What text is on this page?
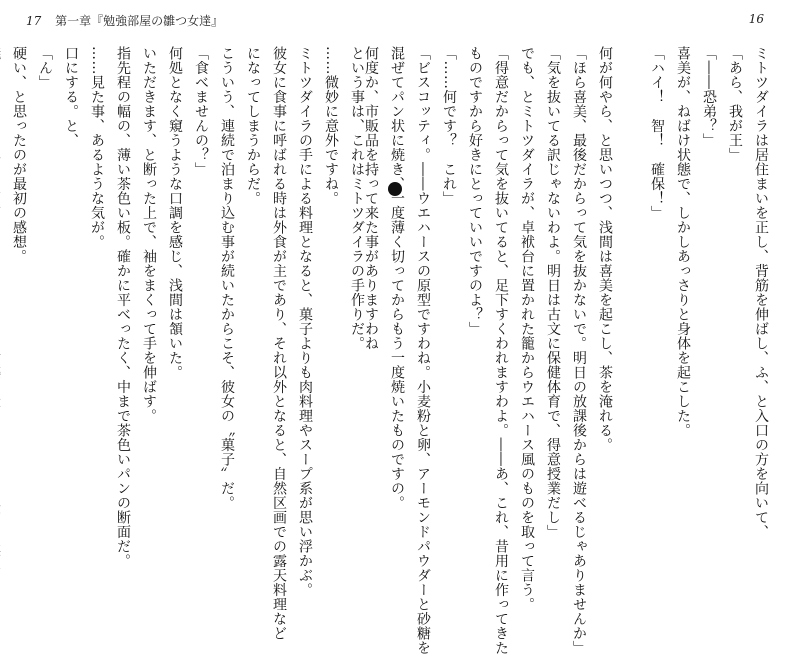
17 第一章『勉強部屋の雛つ女達』	16
という事は、これはミトツダイラの手作りだ。
……微妙に意外ですね。
ミトツダイラの手による料理となると、菓子よりも肉料理やスープ系が思い浮かぶ。
彼女に食事に呼ばれる時は外食が主であり、それ以外となると、自然区画での露天料理など
になってしまうからだ。
こういう、連続で泊まり込む事が続いたからこそ、彼女の〝菓子〟だ。
「食べませんの？」
何処となく窺うような口調を感じ、浅間は頷いた。
いただきます、と断った上で、袖をまくって手を伸ばす。
指先程の幅の、薄い茶色い板。確かに平べったく、中まで茶色いパンの断面だ。
……見た事、あるような気が。
口にする。と、
「ん」
硬い、と思ったのが最初の感想。	ミトツダイラは居住まいを正し、背筋を伸ばし、ふ、と入口の方を向いて、
「あら、我が王」
「――恐弟？」
喜美が、ねばけ状態で、しかしあっさりと身体を起こした。
「ハイ！　智！　確保！」

何が何やら、と思いつつ、浅間は喜美を起こし、茶を淹れる。
「ほら喜美、最後だからって気を抜かないで。明日の放課後からは遊べるじゃありませんか」
「気を抜いてる訳じゃないわよ。明日は古文に保健体育で、得意授業だし」
でも、とミトツダイラが、卓袱台に置かれた籠からウエハース風のものを取って言う。
「得意だからって気を抜いてると、足下すくわれますわよ。――あ、これ、昔用に作ってきた
ものですから好きにとっていいですのよ？」
「……何です？　これ」
「ビスコッティ。――ウエハースの原型ですわね。小麦粉と卵、アーモンドパウダーと砂糖を
混ぜてパン状に焼き、一度薄く切ってからもう一度焼いたものですの。
何度か、市販品を持って来た事がありますわね
